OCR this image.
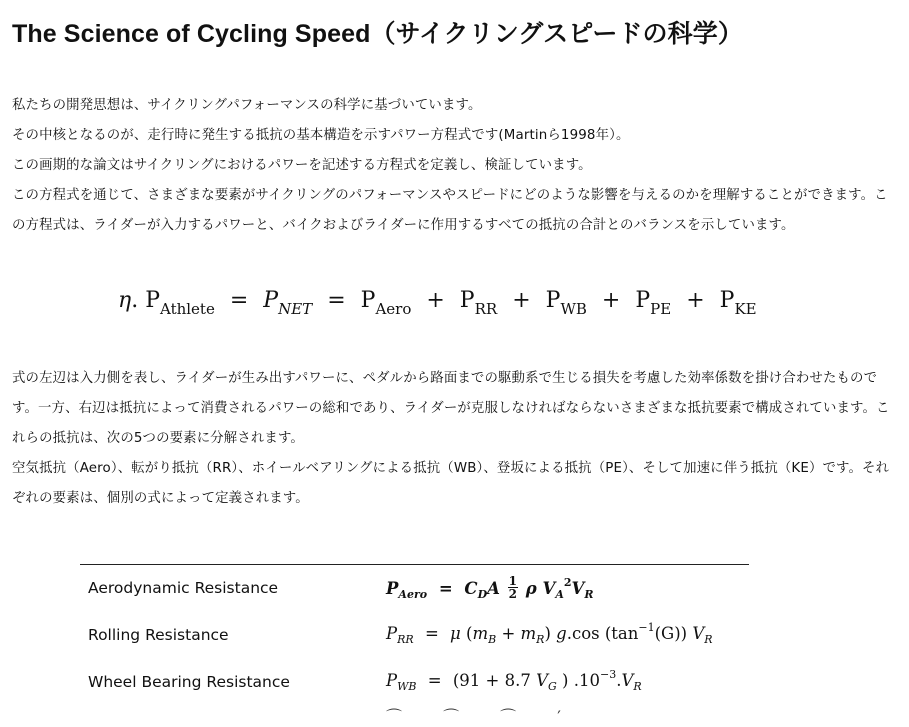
The Science of Cycling Speed（サイクリングスピードの科学）

私たちの開発思想は、サイクリングパフォーマンスの科学に基づいています。

その中核となるのが、走行時に発生する抵抗の基本構造を示すパワー方程式です(Martinら1998年）。

この画期的な論文はサイクリングにおけるパワーを記述する方程式を定義し、検証しています。

この方程式を通じて、さまざまな要素がサイクリングのパフォーマンスやスピードにどのような影響を与えるのかを理解することができます。この方程式は、ライダーが入力するパワーと、バイクおよびライダーに作用するすべての抵抗の合計とのバランスを示しています。

η. $P_{Athlete} = P_{NET} = P_{Aero} + P_{RR} + P_{WB} + P_{PE} + P_{KE}$

式の左辺は入力側を表し、ライダーが生み出すパワーに、ペダルから路面までの駆動系で生じる損失を考慮した効率係数を掛け合わせたものです。一方、右辺は抵抗によって消費されるパワーの総和であり、ライダーが克服しなければならないさまざまな抵抗要素で構成されています。これらの抵抗は、次の5つの要素に分解されます。

空気抵抗（Aero）、転がり抵抗（RR）、ホイールベアリングによる抵抗（WB）、登坂による抵抗（PE）、そして加速に伴う抵抗（KE）です。それぞれの要素は、個別の式によって定義されます。

Aerodynamic Resistance	$P_{Aero} = C_DA \frac{1}{2}$ ρ $V_A^2V_R$
Rolling Resistance	$P_{RR} = \mu$ $(m_B + m_R)$ g.cos $(\tan^{-1}(G))$ $V_R$
Wheel Bearing Resistance	$P_{WB} = (91 + 8.7$ $V_G$ ) $.10^{-3}.V_R$
⌒ ⌒ ⌒ ′
